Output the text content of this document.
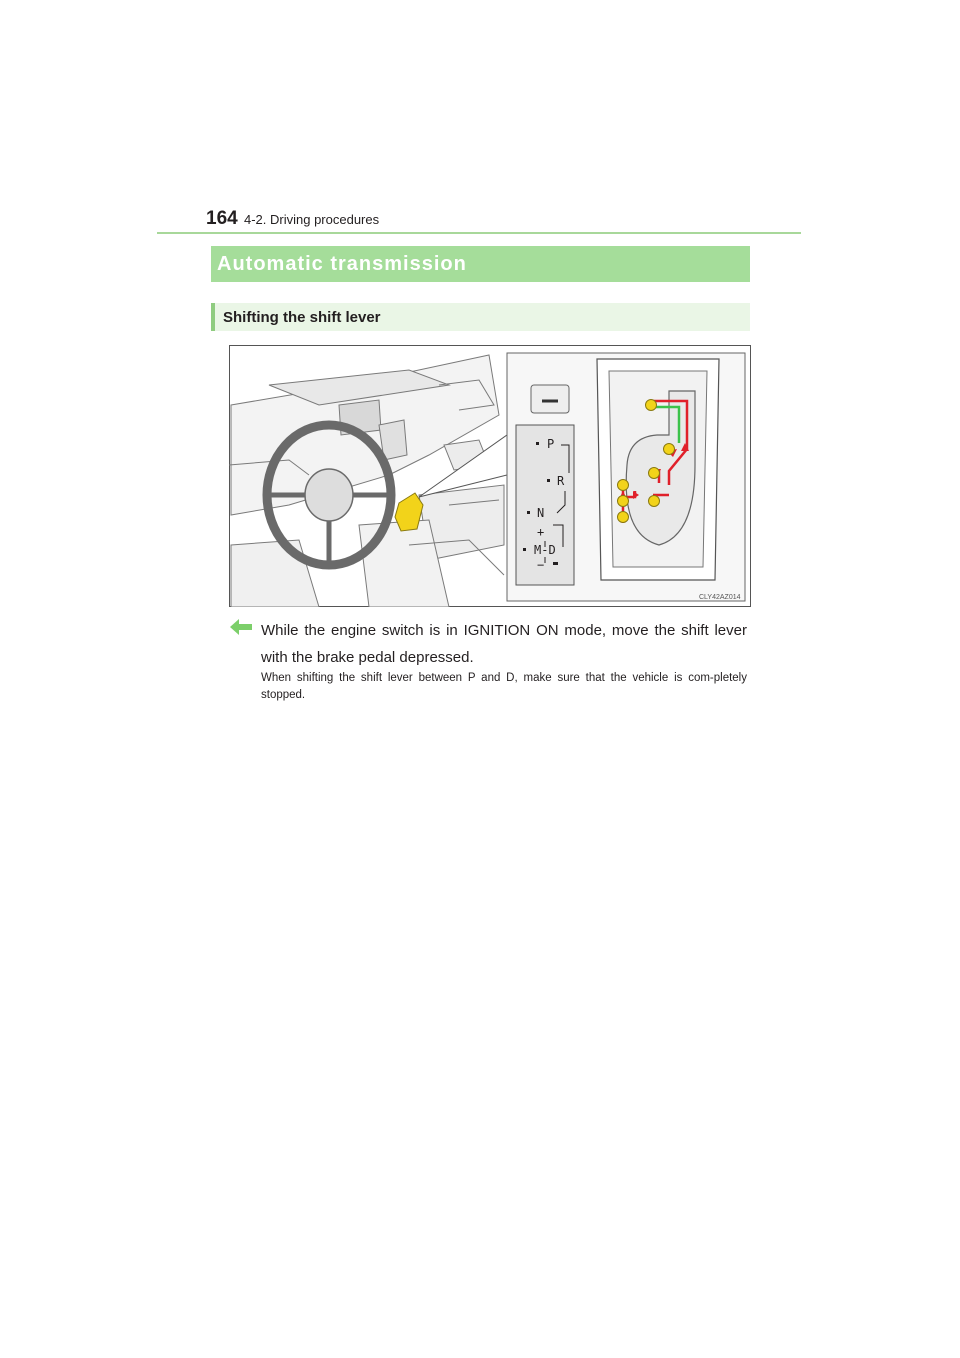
164 4-2. Driving procedures
Automatic transmission
Shifting the shift lever
P
R
N
+
M-D
−
CLY42AZ014
While the engine switch is in IGNITION ON mode, move the shift lever with the brake pedal depressed.
When shifting the shift lever between P and D, make sure that the vehicle is com-pletely stopped.
